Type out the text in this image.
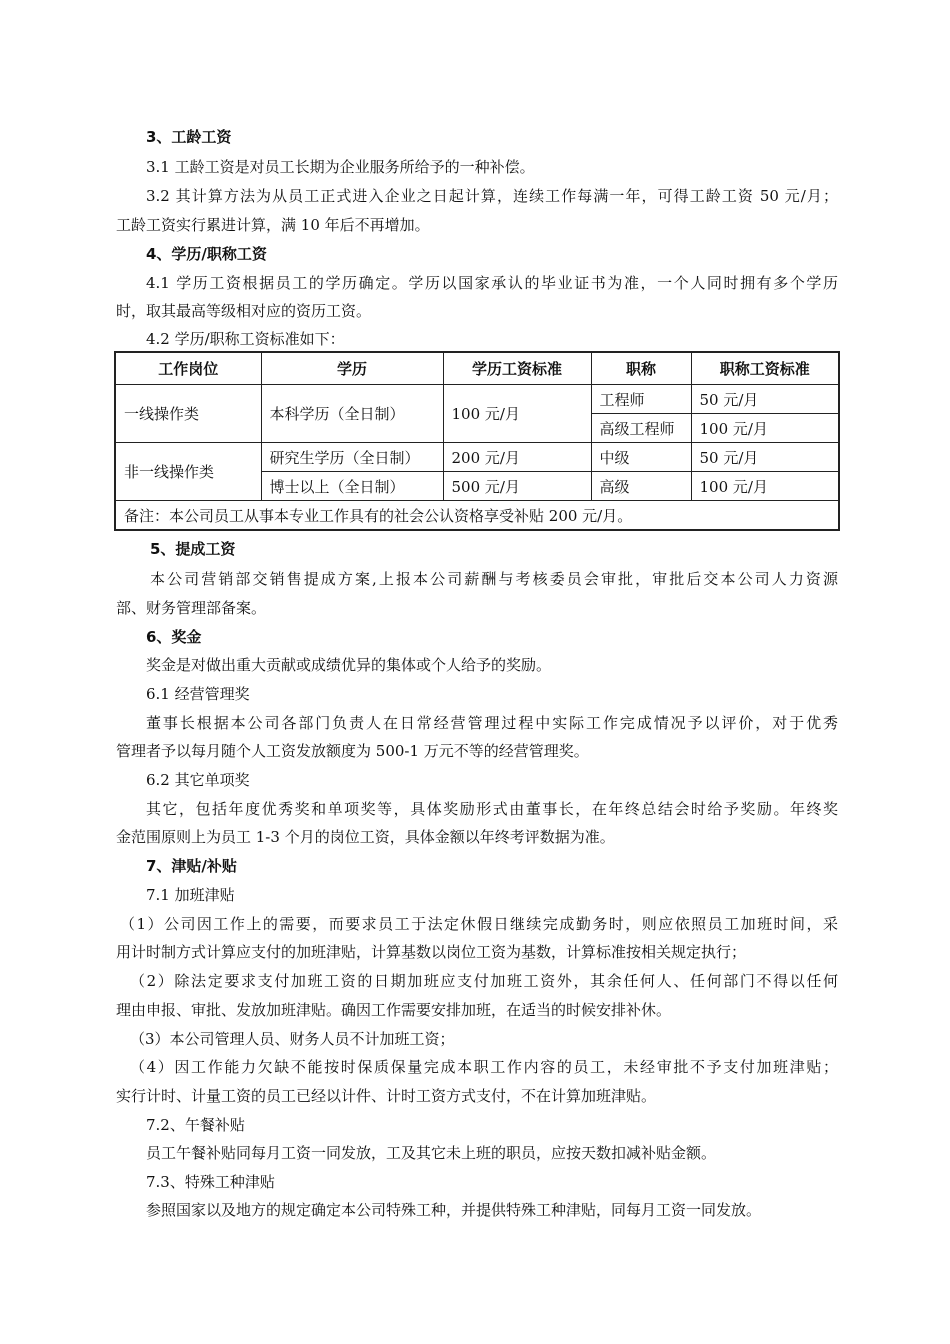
3、工龄工资
3.1 工龄工资是对员工长期为企业服务所给予的一种补偿。
3.2 其计算方法为从员工正式进入企业之日起计算，连续工作每满一年，可得工龄工资 50 元/月；
工龄工资实行累进计算，满 10 年后不再增加。
4、学历/职称工资
4.1 学历工资根据员工的学历确定。学历以国家承认的毕业证书为准，一个人同时拥有多个学历
时，取其最高等级相对应的资历工资。
4.2 学历/职称工资标准如下：
工作岗位	学历	学历工资标准	职称	职称工资标准
一线操作类	本科学历（全日制）	100 元/月	工程师	50 元/月
			高级工程师	100 元/月
非一线操作类	研究生学历（全日制）	200 元/月	中级	50 元/月
	博士以上（全日制）	500 元/月	高级	100 元/月
备注：本公司员工从事本专业工作具有的社会公认资格享受补贴 200 元/月。				
5、提成工资
本公司营销部交销售提成方案,上报本公司薪酬与考核委员会审批，审批后交本公司人力资源
部、财务管理部备案。
6、奖金
奖金是对做出重大贡献或成绩优异的集体或个人给予的奖励。
6.1 经营管理奖
董事长根据本公司各部门负责人在日常经营管理过程中实际工作完成情况予以评价，对于优秀
管理者予以每月随个人工资发放额度为 500-1 万元不等的经营管理奖。
6.2 其它单项奖
其它，包括年度优秀奖和单项奖等，具体奖励形式由董事长，在年终总结会时给予奖励。年终奖
金范围原则上为员工 1-3 个月的岗位工资，具体金额以年终考评数据为准。
7、津贴/补贴
7.1 加班津贴
（1）公司因工作上的需要，而要求员工于法定休假日继续完成勤务时，则应依照员工加班时间，采
用计时制方式计算应支付的加班津贴，计算基数以岗位工资为基数，计算标准按相关规定执行；
（2）除法定要求支付加班工资的日期加班应支付加班工资外，其余任何人、任何部门不得以任何
理由申报、审批、发放加班津贴。确因工作需要安排加班，在适当的时候安排补休。
（3）本公司管理人员、财务人员不计加班工资；
（4）因工作能力欠缺不能按时保质保量完成本职工作内容的员工，未经审批不予支付加班津贴；
实行计时、计量工资的员工已经以计件、计时工资方式支付，不在计算加班津贴。
7.2、午餐补贴
员工午餐补贴同每月工资一同发放，工及其它未上班的职员，应按天数扣减补贴金额。
7.3、特殊工种津贴
参照国家以及地方的规定确定本公司特殊工种，并提供特殊工种津贴，同每月工资一同发放。
